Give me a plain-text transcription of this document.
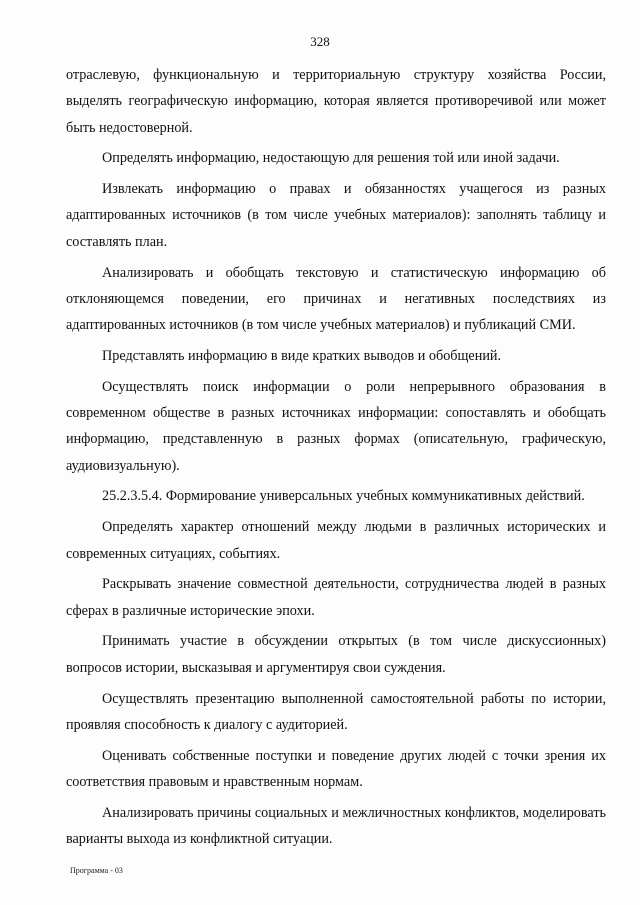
328

отраслевую, функциональную и территориальную структуру хозяйства России, выделять географическую информацию, которая является противоречивой или может быть недостоверной.

Определять информацию, недостающую для решения той или иной задачи.

Извлекать информацию о правах и обязанностях учащегося из разных адаптированных источников (в том числе учебных материалов): заполнять таблицу и составлять план.

Анализировать и обобщать текстовую и статистическую информацию об отклоняющемся поведении, его причинах и негативных последствиях из адаптированных источников (в том числе учебных материалов) и публикаций СМИ.

Представлять информацию в виде кратких выводов и обобщений.

Осуществлять поиск информации о роли непрерывного образования в современном обществе в разных источниках информации: сопоставлять и обобщать информацию, представленную в разных формах (описательную, графическую, аудиовизуальную).

25.2.3.5.4. Формирование универсальных учебных коммуникативных действий.

Определять характер отношений между людьми в различных исторических и современных ситуациях, событиях.

Раскрывать значение совместной деятельности, сотрудничества людей в разных сферах в различные исторические эпохи.

Принимать участие в обсуждении открытых (в том числе дискуссионных) вопросов истории, высказывая и аргументируя свои суждения.

Осуществлять презентацию выполненной самостоятельной работы по истории, проявляя способность к диалогу с аудиторией.

Оценивать собственные поступки и поведение других людей с точки зрения их соответствия правовым и нравственным нормам.

Анализировать причины социальных и межличностных конфликтов, моделировать варианты выхода из конфликтной ситуации.

Программа - 03
